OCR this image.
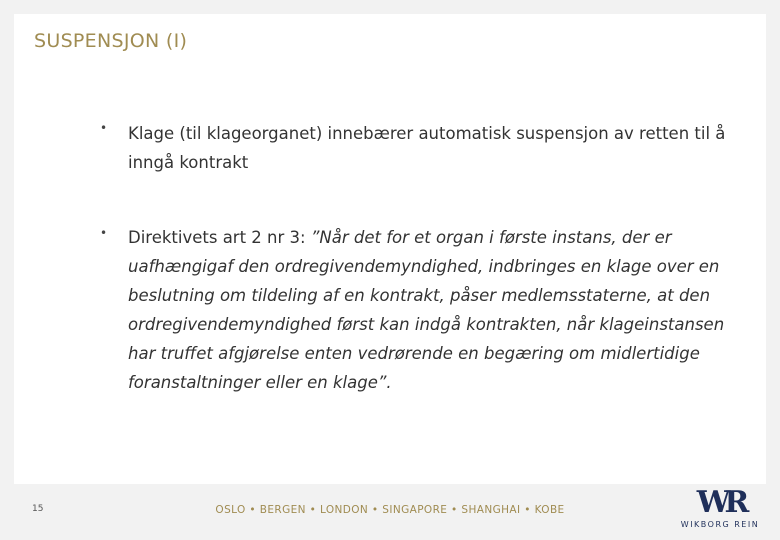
SUSPENSJON (I)
• Klage (til klageorganet) innebærer automatisk suspensjon av retten til å inngå kontrakt
• Direktivets art 2 nr 3: ”Når det for et organ i første instans, der er uafhængigaf den ordregivendemyndighed, indbringes en klage over en beslutning om tildeling af en kontrakt, påser medlemsstaterne, at den ordregivendemyndighed først kan indgå kontrakten, når klageinstansen har truffet afgjørelse enten vedrørende en begæring om midlertidige foranstaltninger eller en klage”.
15	OSLO • BERGEN • LONDON • SINGAPORE • SHANGHAI • KOBE	WR
WIKBORG REIN
